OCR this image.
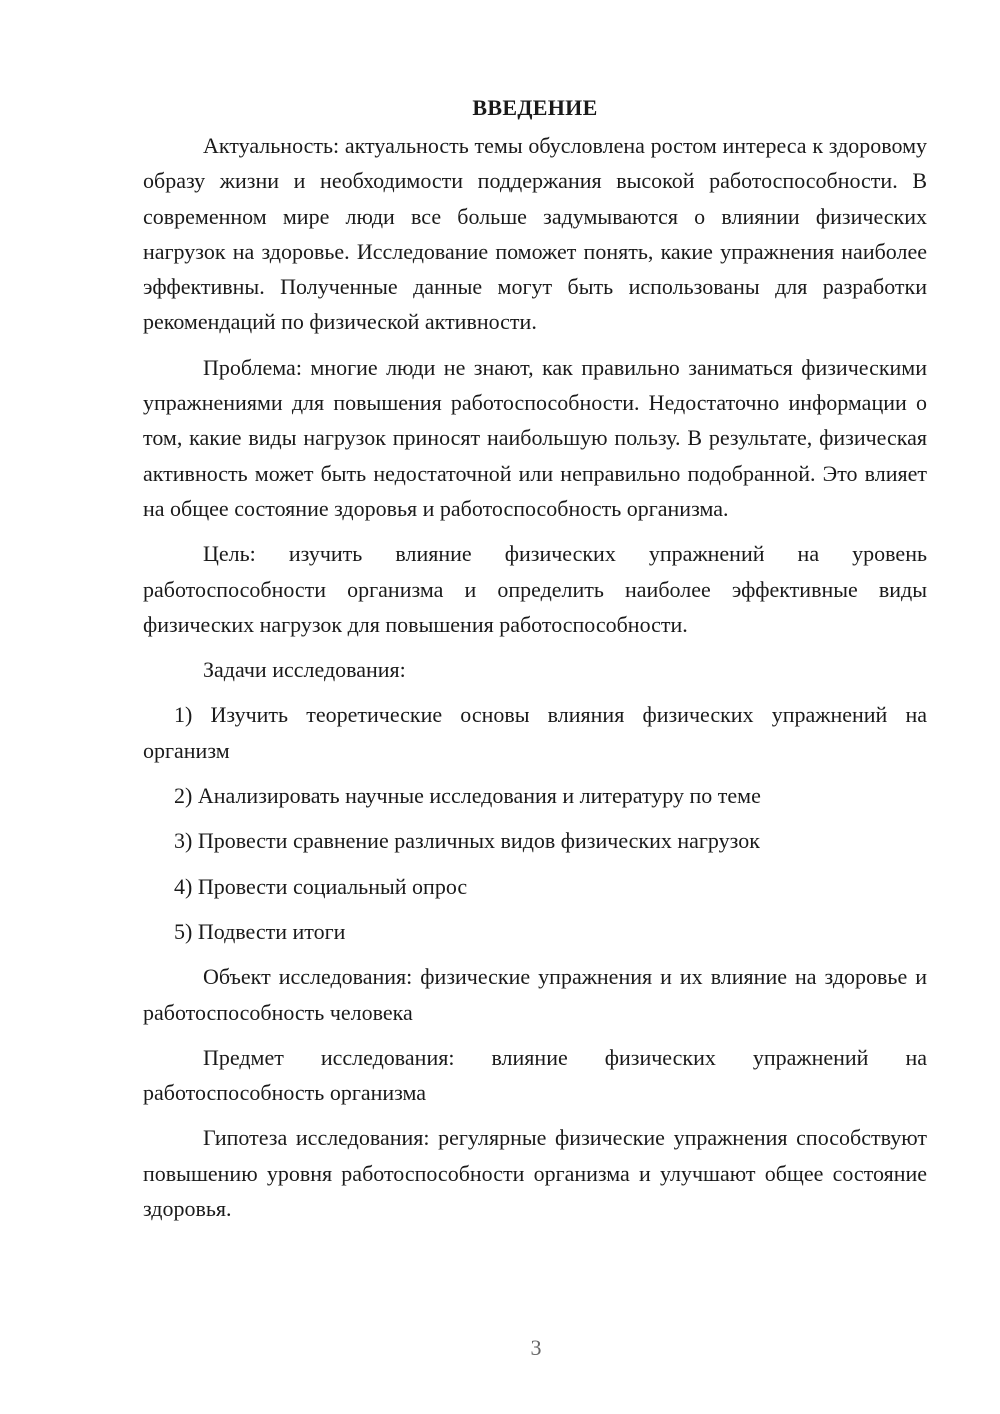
ВВЕДЕНИЕ

Актуальность: актуальность темы обусловлена ростом интереса к здоровому образу жизни и необходимости поддержания высокой работоспособности. В современном мире люди все больше задумываются о влиянии физических нагрузок на здоровье. Исследование поможет понять, какие упражнения наиболее эффективны. Полученные данные могут быть использованы для разработки рекомендаций по физической активности.

Проблема: многие люди не знают, как правильно заниматься физическими упражнениями для повышения работоспособности. Недостаточно информации о том, какие виды нагрузок приносят наибольшую пользу. В результате, физическая активность может быть недостаточной или неправильно подобранной. Это влияет на общее состояние здоровья и работоспособность организма.

Цель: изучить влияние физических упражнений на уровень работоспособности организма и определить наиболее эффективные виды физических нагрузок для повышения работоспособности.

Задачи исследования:

1) Изучить теоретические основы влияния физических упражнений на организм

2) Анализировать научные исследования и литературу по теме

3) Провести сравнение различных видов физических нагрузок

4) Провести социальный опрос

5) Подвести итоги

Объект исследования: физические упражнения и их влияние на здоровье и работоспособность человека

Предмет исследования: влияние физических упражнений на работоспособность организма

Гипотеза исследования: регулярные физические упражнения способствуют повышению уровня работоспособности организма и улучшают общее состояние здоровья.

3
